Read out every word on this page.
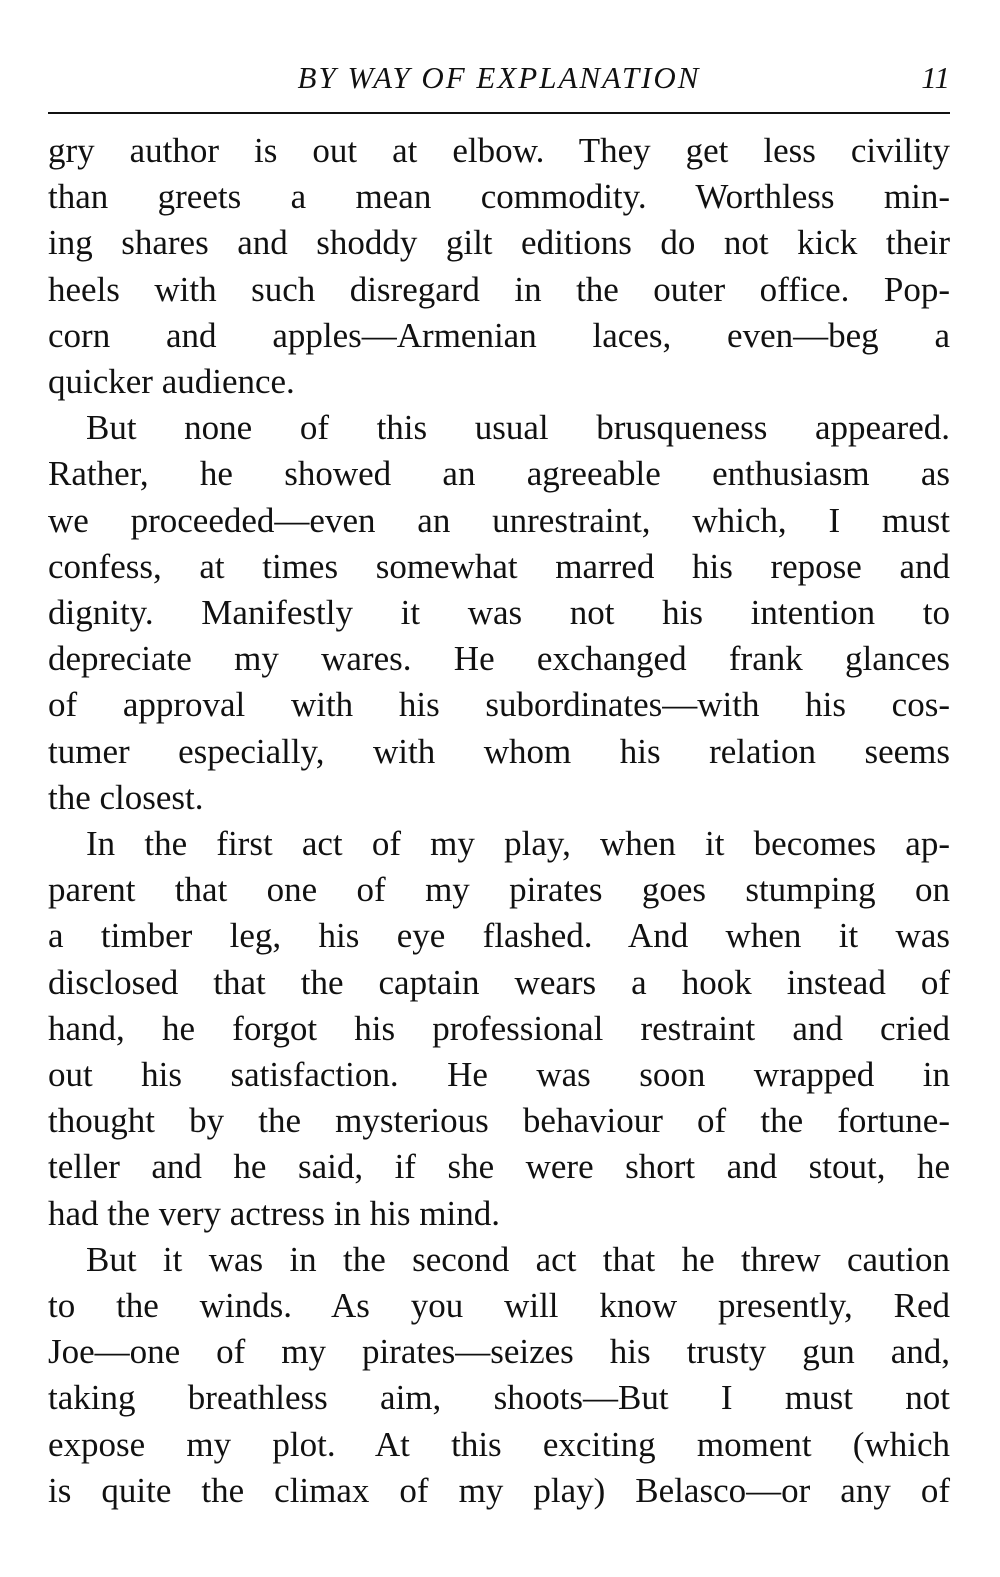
BY WAY OF EXPLANATION	11

gry author is out at elbow. They get less civility
than greets a mean commodity. Worthless min-
ing shares and shoddy gilt editions do not kick their
heels with such disregard in the outer office. Pop-
corn and apples—Armenian laces, even—beg a
quicker audience.

But none of this usual brusqueness appeared.
Rather, he showed an agreeable enthusiasm as
we proceeded—even an unrestraint, which, I must
confess, at times somewhat marred his repose and
dignity. Manifestly it was not his intention to
depreciate my wares. He exchanged frank glances
of approval with his subordinates—with his cos-
tumer especially, with whom his relation seems
the closest.

In the first act of my play, when it becomes ap-
parent that one of my pirates goes stumping on
a timber leg, his eye flashed. And when it was
disclosed that the captain wears a hook instead of
hand, he forgot his professional restraint and cried
out his satisfaction. He was soon wrapped in
thought by the mysterious behaviour of the fortune-
teller and he said, if she were short and stout, he
had the very actress in his mind.

But it was in the second act that he threw caution
to the winds. As you will know presently, Red
Joe—one of my pirates—seizes his trusty gun and,
taking breathless aim, shoots—But I must not
expose my plot. At this exciting moment (which
is quite the climax of my play) Belasco—or any of
